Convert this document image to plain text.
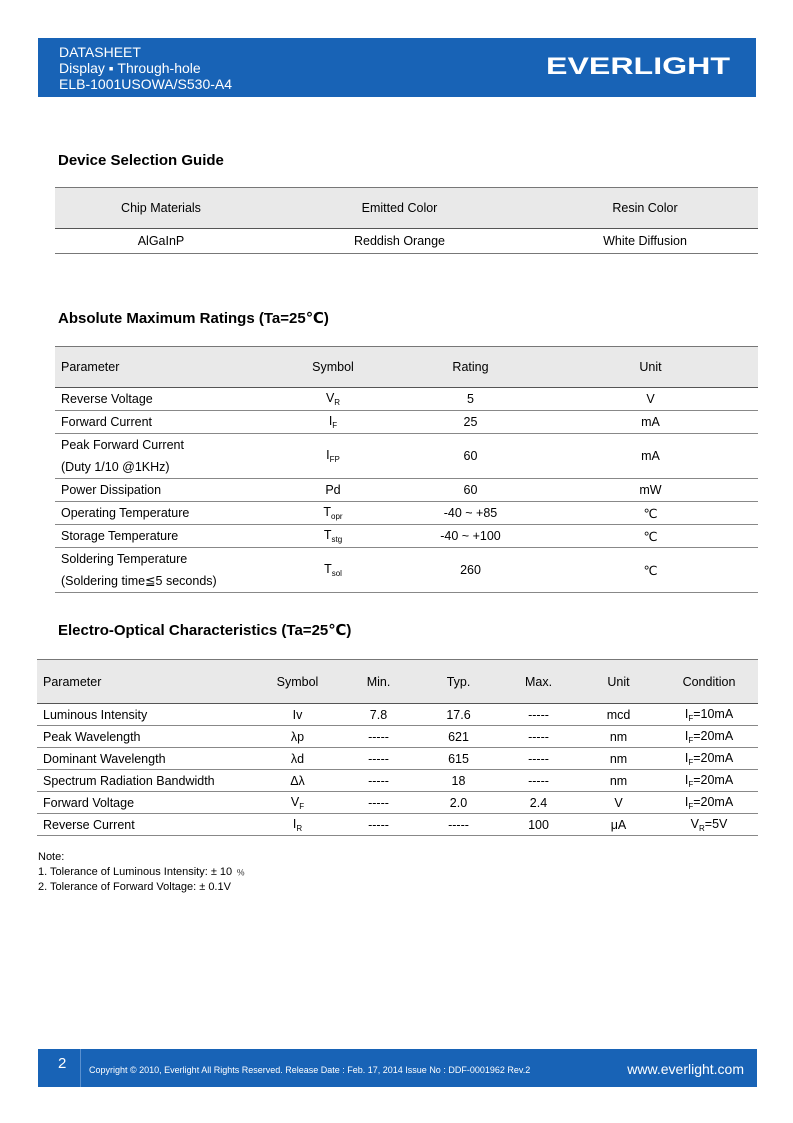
DATASHEET
Display ▪ Through-hole
ELB-1001USOWA/S530-A4
EVERLIGHT
Device Selection Guide
Chip Materials	Emitted Color	Resin Color
AlGaInP	Reddish Orange	White Diffusion
Absolute Maximum Ratings (Ta=25℃)
Parameter	Symbol	Rating	Unit

Reverse Voltage	$V_R$	5	V

Forward Current	$I_F$	25	mA

Peak Forward Current
(Duty 1/10 @1KHz)	$I_{FP}$	60	mA

Power Dissipation	Pd	60	mW

Operating Temperature	$T_{opr}$	-40 ~ +85	℃

Storage Temperature	$T_{stg}$	-40 ~ +100	℃

Soldering Temperature
(Soldering time≦5 seconds)	$T_{sol}$	260	℃
Electro-Optical Characteristics (Ta=25℃)
Parameter	Symbol	Min.	Typ.	Max.	Unit	Condition
Luminous Intensity	Iv	7.8	17.6	-----	mcd	$I_F=10mA$
Peak Wavelength	λp	-----	621	-----	nm	$I_F=20mA$
Dominant Wavelength	λd	-----	615	-----	nm	$I_F=20mA$
Spectrum Radiation Bandwidth	Δλ	-----	18	-----	nm	$I_F=20mA$
Forward Voltage	$V_F$	-----	2.0	2.4	V	$I_F=20mA$
Reverse Current	$I_R$	-----	-----	100	μA	$V_R=5V$
Note:
1. Tolerance of Luminous Intensity: ± 10 ﹪
2. Tolerance of Forward Voltage: ± 0.1V
2	Copyright © 2010, Everlight All Rights Reserved. Release Date : Feb. 17, 2014 Issue No : DDF-0001962 Rev.2	www.everlight.com
